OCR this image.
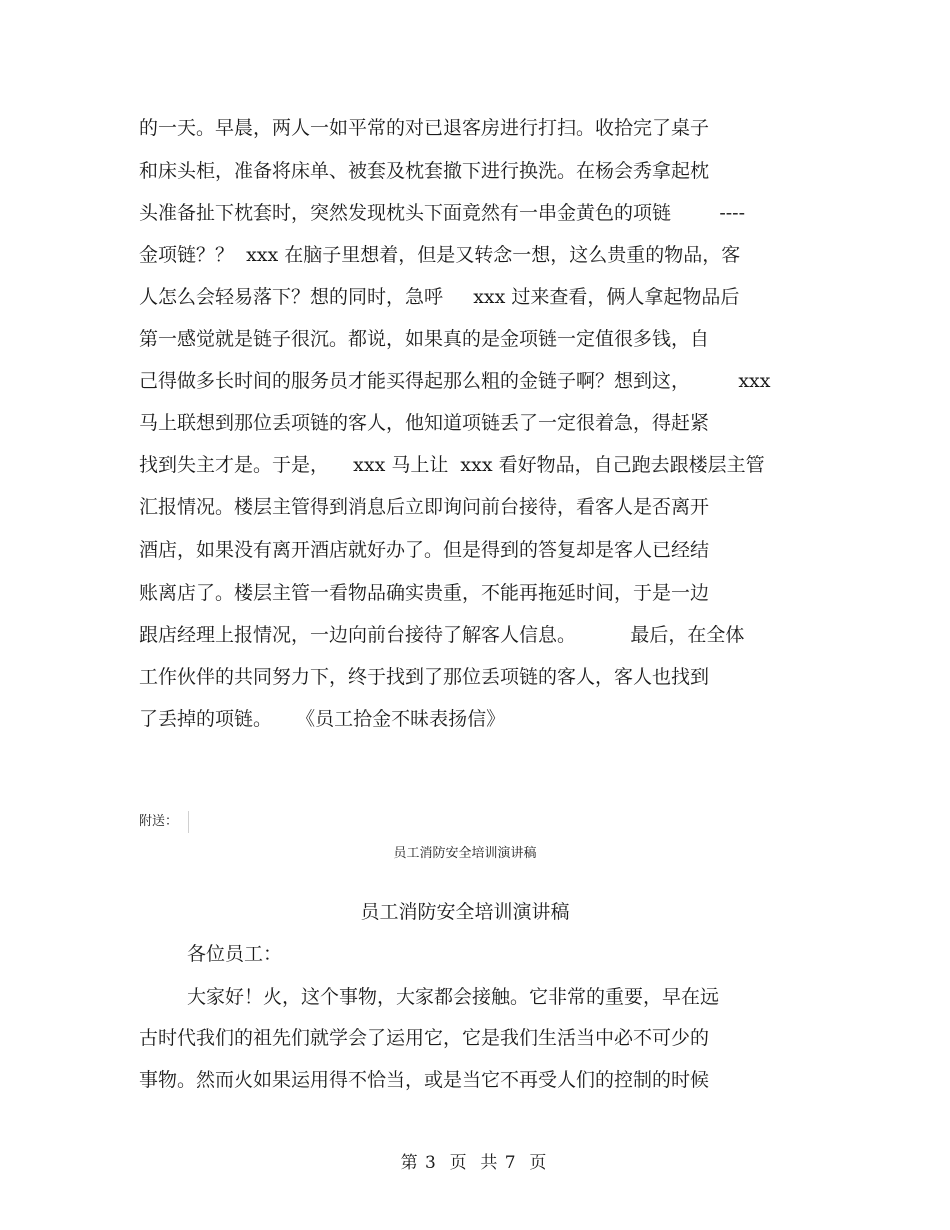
的一天。早晨，两人一如平常的对已退客房进行打扫。收拾完了桌子
和床头柜，准备将床单、被套及枕套撤下进行换洗。在杨会秀拿起枕
头准备扯下枕套时，突然发现枕头下面竟然有一串金黄色的项链        ----
金项链？？  xxx 在脑子里想着，但是又转念一想，这么贵重的物品，客
人怎么会轻易落下？想的同时，急呼     xxx 过来查看，俩人拿起物品后
第一感觉就是链子很沉。都说，如果真的是金项链一定值很多钱，自
己得做多长时间的服务员才能买得起那么粗的金链子啊？想到这，        xxx
马上联想到那位丢项链的客人，他知道项链丢了一定很着急，得赶紧
找到失主才是。于是，    xxx 马上让  xxx 看好物品，自己跑去跟楼层主管
汇报情况。楼层主管得到消息后立即询问前台接待，看客人是否离开
酒店，如果没有离开酒店就好办了。但是得到的答复却是客人已经结
账离店了。楼层主管一看物品确实贵重，不能再拖延时间，于是一边
跟店经理上报情况，一边向前台接待了解客人信息。         最后，在全体
工作伙伴的共同努力下，终于找到了那位丢项链的客人，客人也找到
了丢掉的项链。    《员工拾金不昧表扬信》
附送：
员工消防安全培训演讲稿
员工消防安全培训演讲稿
各位员工：
大家好！火，这个事物，大家都会接触。它非常的重要，早在远
古时代我们的祖先们就学会了运用它，它是我们生活当中必不可少的
事物。然而火如果运用得不恰当，或是当它不再受人们的控制的时候
第 3  页  共 7  页
